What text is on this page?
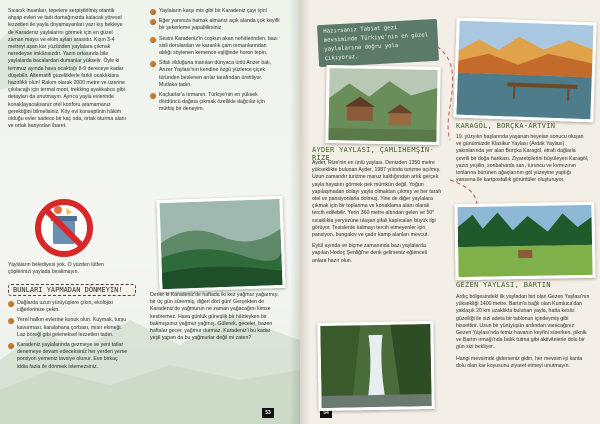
Sıcacık insanları, tepelere serpiştirilmiş otantik ahşap evleri ve tadı damağınızda kalacak yöresel lezzetleri ile yayla doyamayanları yazı kış bekleye de Karadeniz yaylalarını görmek için en güzel zaman mayıs ve ekim ayları arasıdır. Kışın 3-4 metreyi aşan kar yüzünden yaylalara çıkmak neredeyse imkânsızdır. Yazın ortasında bile yaylalarda bacalardan dumanlar yükselir. Öyle ki temmuz ayında hava ocaktağı 8-9 dereceye kadar düşebilir. Alternatifi güzelliklerle farklı ocaklıklara hazırlıklı olun! Rakım olarak 2000 metre ve üzerine çıkılacağı için termal mont, trekking ayakkabısı gibi detayları da unutmayın. Ayrıca yayla evlerinde konaklayacaksanız otel konforu aramamanız gerektiğini bilmelisiniz. Köy evi konseptinin hâkim olduğu evler sadece bir kaç oda, ortak oturma alanı ve ortak banyodan ibaret.

Yaylaların belediyesi yok. O yüzden lütfen çöplerinizi yaylada bırakmayın.

BUNLARI YAPMADAN DÖNMEYİN!

Dağlarda uzun yürüyüşlere çıkın, ekolojisi ciğerlerinize çekin.

Yerel halkın evlerine konuk olun. Kuymak, turşu kavurması, karalahana çorbası, mısır ekmeği. Laz böreği gibi geleneksel lezzetleri tadın.

Karadeniz yaylalarında gezmeye ve yeni tatlar denemeye devam edeceksiniz her yerden yeme porsiyon yemeniz tavsiye olunur. Eve birkaç iddia fazla ile dönmek istemezsiniz.

Yaylaların karşı mis gibi bir Karadeniz çayı için!

Eğer yanınıza hamak almanız açık alanda çok keyifli bir şekerleme yapabilirsiniz.

Sesini Karadeniz'in coşkun akan nehirlerinden, bazı sisli dorulardan ve karanlık çam ormanlarından aldığı söylenen kemence eşliğinde horon tepin.

Sifalı olduğuna inanılan dünyaca ünlü Anzer balı, Anzer Yaylası'nın kendine özgü yüzlerce çiçek türünden beslenen arılar tarafından üretiliyor. Mutlaka tadın.

Kaçkarlar'a tırmanın. Türkiye'nin en yüksek dördüncü dağına çıkmak özellikle dağcılar için müthiş bir deneyim.

Derler ki Karadeniz'de haftada iki kez yağmur yağarmış: bir üç gün sürermiş, diğeri dört gün! Gerçekten de Karadeniz'de yağmurun ne zaman yağacağını kimse kestiremez. Hava günlük güneşlik bir hâldeyken bir bakmışsınız yağmur yağmış. Gülerek, geceler, bazen haftalar gecer, yağmur durmaz. Karadeniz'i bu kadar yeşil yapan da bu yağmurlar değil mi zaten?

53	54
Hazırsanız Tabiat gezi mevsiminde Türkiye'nin en güzel yaylalarına doğru yola çıkıyoruz.
AYDER YAYLASI, ÇAMLIHEMŞİN-RİZE

Ayder, Rize'nin en ünlü yaylası. Denizden 1350 metre yükseklikte bulunan Ayder, 1987 yılında turizme açılmış. Uzun zamandır turizme maruz kaldığından artık gerçek yayla hayatını görmek pek mümkün değil. Yoğun yapılaşmadan dolayı yayla olmaktan çıkmış ve her tarafı otel ve pansiyonlarla dolmuş. Yine de diğer yaylalara çıkmak için bir toplanma ve konaklama alanı olarak tercih edilebilir. Yerin 360 metre altından gelen ve 50° sıcaklıkla yeryüzüne ulaşan şifalı kaplıcaları büyük ilgi görüyor. Tesislerde kalmayı tercih etmeyenler için pansiyon, bungalov ve çadır kamp alanları mevcut.

Eylül ayında ve biçme zamanında bazı yaylalarda yapılan Hodoç Şenliği'ne denk gelirseniz eğlenceli anlara hazır olun.

KARAGÖL, BORÇKA-ARTVİN

19. yüzyılın başlarında yaşanan heyelan sonucu oluşan ve günümüzde Klasikur Yaylası (Ardak Yaylası) yakınlarında yer alan Borçka Karagöl, etrafı dağlarla çevrili bir doğa harikası. Ziyaretçilerini büyüleyen Karagöl, yazın yeşilin, sonbaharda sarı, turuncu ve kırmızının tonlarına bürünen ağaçlarının göl yüzeyine yaptığı yansıma ile kartpostallık görüntüler oluşturuyor.

GEZEN YAYLASI, BARTIN

Ardıç bölgesindeki ilk yayladan biri olan Gezen Yaylası'nın yüksekliği 1400 metre. Bartın'a bağlı olan Kumluca'dan yaklaşık 20 km uzaklıkta bulunan yayla, hatta kesici güzelliği ile sizi adeta bir tablonun içindeymiş gibi hissettirir. Uzun bir yürüyüşün ardından varacağınız Gezen Yaylası'nda temiz havanın keyfini sürerken, piknik ve Bartın ırmağı'nda balık tutma gibi aktivitelerle dolu bir gün sizi bekliyor.

Hangi mevsimde giderseniz gidin, her mevsim içi kanta dolu olan kar koyusunu ziyaret etmeyi unutmayın.
